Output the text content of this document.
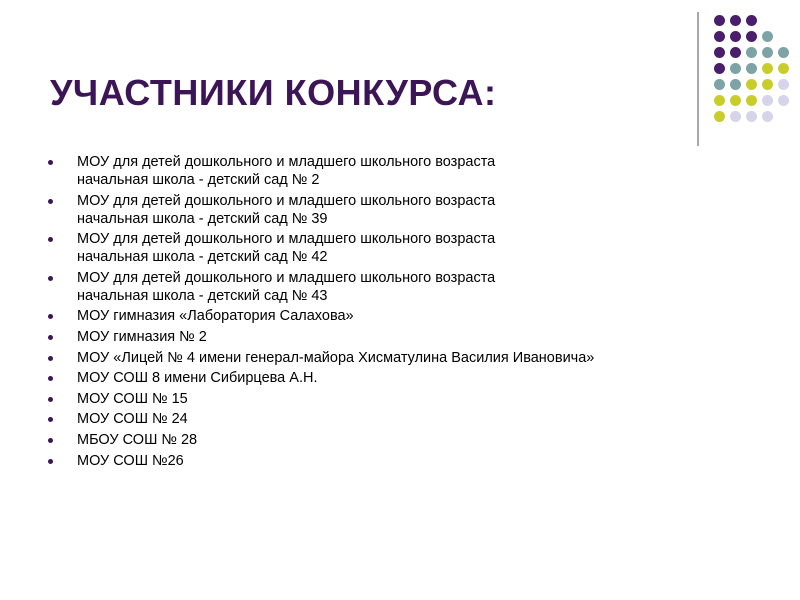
УЧАСТНИКИ КОНКУРСА:
МОУ для детей дошкольного и младшего школьного возраста
начальная школа - детский сад № 2
МОУ для детей дошкольного и младшего школьного возраста
начальная школа - детский сад № 39
МОУ для детей дошкольного и младшего школьного возраста
начальная школа - детский сад № 42
МОУ для детей дошкольного и младшего школьного возраста
начальная школа - детский сад № 43
МОУ гимназия «Лаборатория Салахова»
МОУ гимназия № 2
МОУ «Лицей № 4 имени генерал-майора Хисматулина Василия Ивановича»
МОУ СОШ 8 имени Сибирцева А.Н.
МОУ СОШ № 15
МОУ СОШ № 24
МБОУ СОШ № 28
МОУ СОШ №26
